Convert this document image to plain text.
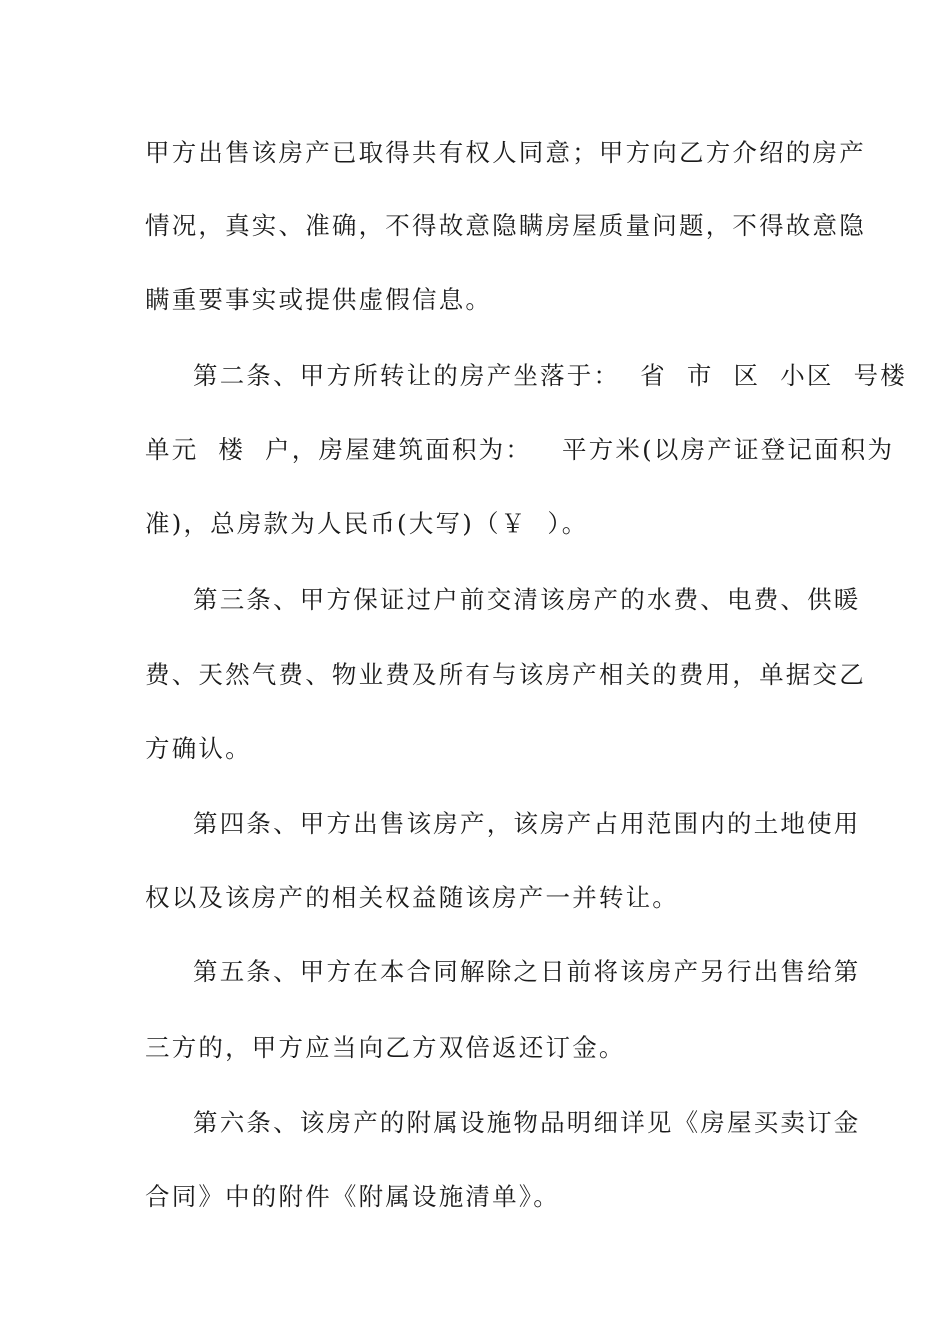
甲方出售该房产已取得共有权人同意；甲方向乙方介绍的房产
情况，真实、准确，不得故意隐瞒房屋质量问题，不得故意隐
瞒重要事实或提供虚假信息。
第二条、甲方所转让的房产坐落于：  省  市  区  小区  号楼
单元  楼  户，房屋建筑面积为：   平方米(以房产证登记面积为
准)，总房款为人民币(大写)（￥  ）。
第三条、甲方保证过户前交清该房产的水费、电费、供暖
费、天然气费、物业费及所有与该房产相关的费用，单据交乙
方确认。
第四条、甲方出售该房产，该房产占用范围内的土地使用
权以及该房产的相关权益随该房产一并转让。
第五条、甲方在本合同解除之日前将该房产另行出售给第
三方的，甲方应当向乙方双倍返还订金。
第六条、该房产的附属设施物品明细详见《房屋买卖订金
合同》中的附件《附属设施清单》。
